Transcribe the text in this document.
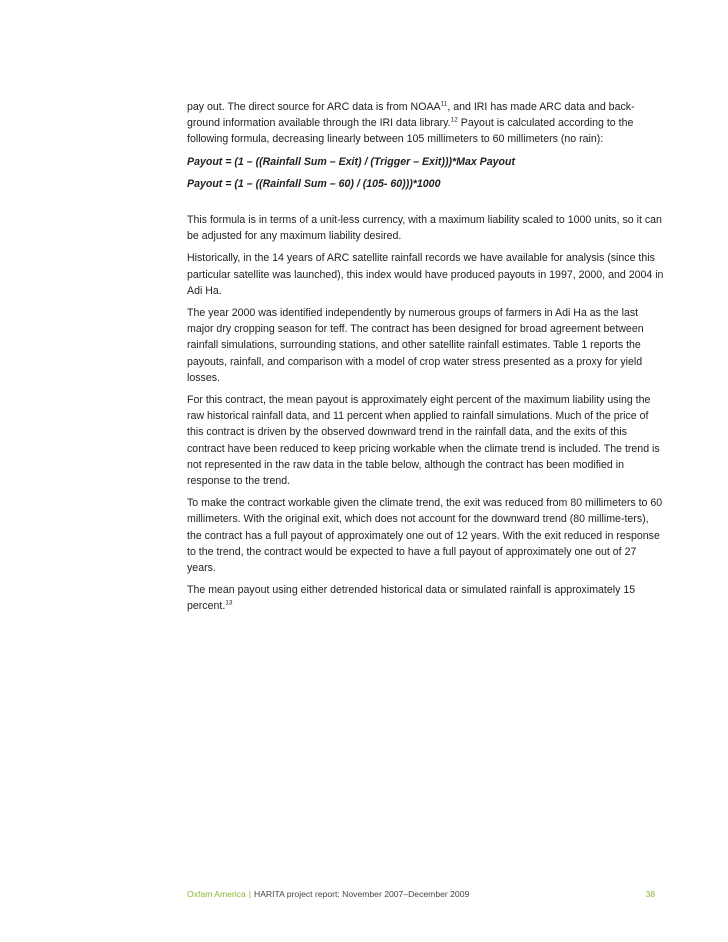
pay out. The direct source for ARC data is from NOAA$^{11}$, and IRI has made ARC data and back-ground information available through the IRI data library.$^{12}$ Payout is calculated according to the following formula, decreasing linearly between 105 millimeters to 60 millimeters (no rain):

Payout = (1 – ((Rainfall Sum – Exit) / (Trigger – Exit)))*Max Payout

Payout = (1 – ((Rainfall Sum – 60) / (105- 60)))*1000

This formula is in terms of a unit-less currency, with a maximum liability scaled to 1000 units, so it can be adjusted for any maximum liability desired.

Historically, in the 14 years of ARC satellite rainfall records we have available for analysis (since this particular satellite was launched), this index would have produced payouts in 1997, 2000, and 2004 in Adi Ha.

The year 2000 was identified independently by numerous groups of farmers in Adi Ha as the last major dry cropping season for teff. The contract has been designed for broad agreement between rainfall simulations, surrounding stations, and other satellite rainfall estimates. Table 1 reports the payouts, rainfall, and comparison with a model of crop water stress presented as a proxy for yield losses.

For this contract, the mean payout is approximately eight percent of the maximum liability using the raw historical rainfall data, and 11 percent when applied to rainfall simulations. Much of the price of this contract is driven by the observed downward trend in the rainfall data, and the exits of this contract have been reduced to keep pricing workable when the climate trend is included. The trend is not represented in the raw data in the table below, although the contract has been modified in response to the trend.

To make the contract workable given the climate trend, the exit was reduced from 80 millimeters to 60 millimeters. With the original exit, which does not account for the downward trend (80 millime-ters), the contract has a full payout of approximately one out of 12 years. With the exit reduced in response to the trend, the contract would be expected to have a full payout of approximately one out of 27 years.

The mean payout using either detrended historical data or simulated rainfall is approximately 15 percent.$^{13}$

Oxfam America | HARITA project report: November 2007–December 2009	38
